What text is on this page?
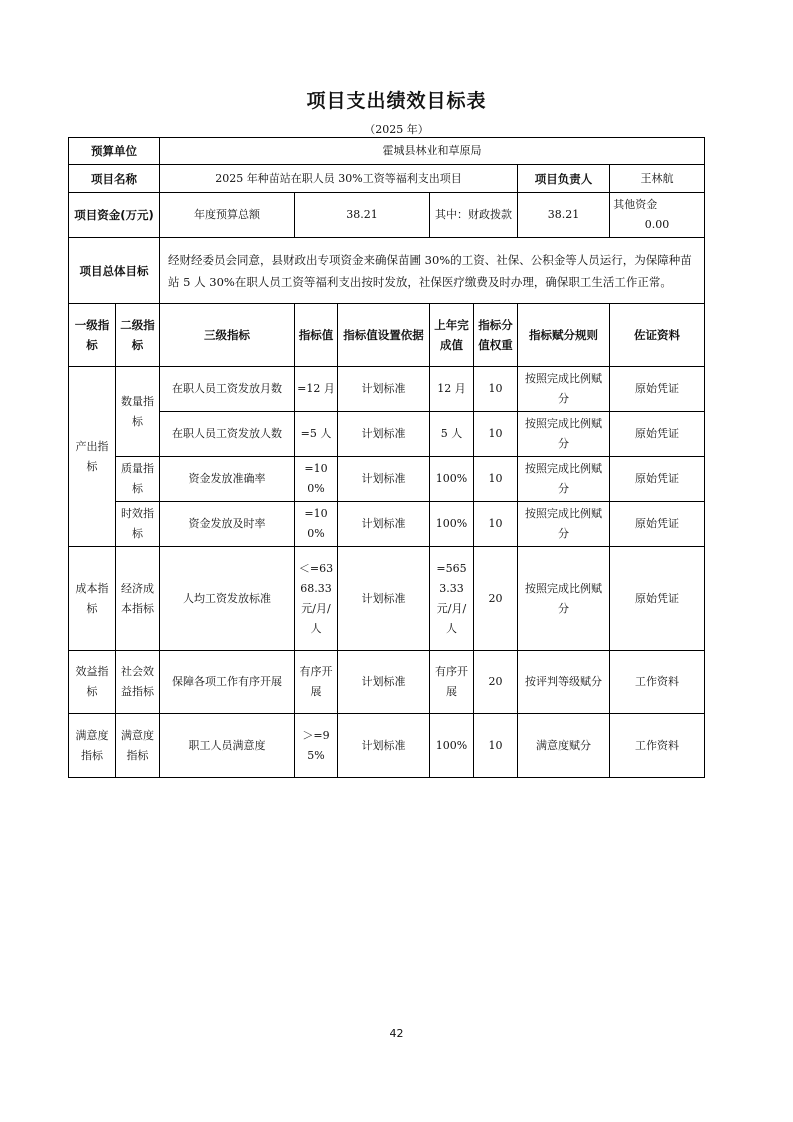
项目支出绩效目标表
（2025 年）
预算单位		霍城县林业和草原局						
项目名称		2025 年种苗站在职人员 30%工资等福利支出项目					项目负责人	王林航
项目资金(万元)		年度预算总额	38.21		其中：财政拨款		38.21	其他资金  0.00
项目总体目标		经财经委员会同意，县财政出专项资金来确保苗圃 30%的工资、社保、公积金等人员运行，为保障种苗站 5 人 30%在职人员工资等福利支出按时发放，社保医疗缴费及时办理，确保职工生活工作正常。						
一级指标	二级指标	三级指标	指标值	指标值设置依据	上年完成值	指标分值权重	指标赋分规则	佐证资料
产出指标	数量指标	在职人员工资发放月数	=12 月	计划标准	12 月	10	按照完成比例赋分	原始凭证
		在职人员工资发放人数	=5 人	计划标准	5 人	10	按照完成比例赋分	原始凭证
	质量指标	资金发放准确率	=100%	计划标准	100%	10	按照完成比例赋分	原始凭证
	时效指标	资金发放及时率	=100%	计划标准	100%	10	按照完成比例赋分	原始凭证
成本指标	经济成本指标	人均工资发放标准	＜=6368.33 元/月/人	计划标准	=5653.33 元/月/人	20	按照完成比例赋分	原始凭证
效益指标	社会效益指标	保障各项工作有序开展	有序开展	计划标准	有序开展	20	按评判等级赋分	工作资料
满意度指标	满意度指标	职工人员满意度	＞=95%	计划标准	100%	10	满意度赋分	工作资料
42
